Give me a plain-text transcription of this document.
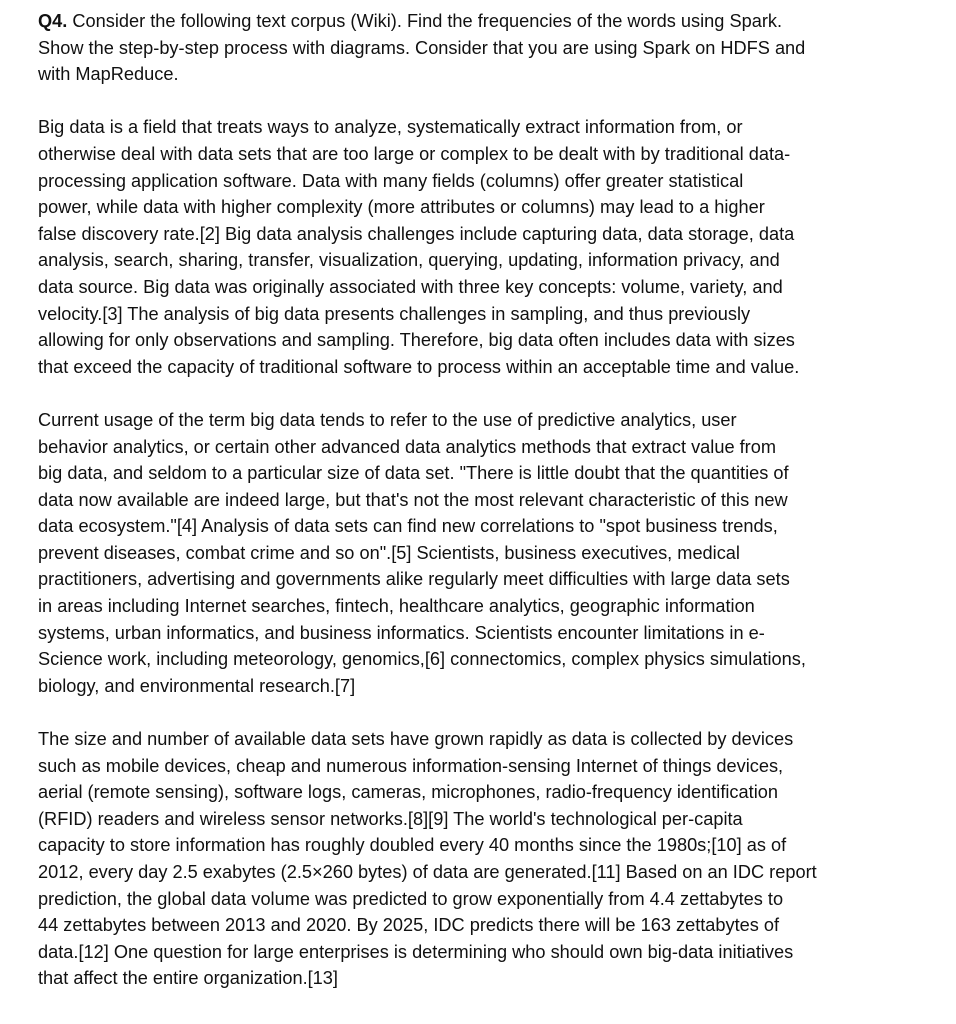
Q4. Consider the following text corpus (Wiki). Find the frequencies of the words using Spark.
Show the step-by-step process with diagrams. Consider that you are using Spark on HDFS and
with MapReduce.
Big data is a field that treats ways to analyze, systematically extract information from, or
otherwise deal with data sets that are too large or complex to be dealt with by traditional data-
processing application software. Data with many fields (columns) offer greater statistical
power, while data with higher complexity (more attributes or columns) may lead to a higher
false discovery rate.[2] Big data analysis challenges include capturing data, data storage, data
analysis, search, sharing, transfer, visualization, querying, updating, information privacy, and
data source. Big data was originally associated with three key concepts: volume, variety, and
velocity.[3] The analysis of big data presents challenges in sampling, and thus previously
allowing for only observations and sampling. Therefore, big data often includes data with sizes
that exceed the capacity of traditional software to process within an acceptable time and value.
Current usage of the term big data tends to refer to the use of predictive analytics, user
behavior analytics, or certain other advanced data analytics methods that extract value from
big data, and seldom to a particular size of data set. "There is little doubt that the quantities of
data now available are indeed large, but that's not the most relevant characteristic of this new
data ecosystem."[4] Analysis of data sets can find new correlations to "spot business trends,
prevent diseases, combat crime and so on".[5] Scientists, business executives, medical
practitioners, advertising and governments alike regularly meet difficulties with large data sets
in areas including Internet searches, fintech, healthcare analytics, geographic information
systems, urban informatics, and business informatics. Scientists encounter limitations in e-
Science work, including meteorology, genomics,[6] connectomics, complex physics simulations,
biology, and environmental research.[7]
The size and number of available data sets have grown rapidly as data is collected by devices
such as mobile devices, cheap and numerous information-sensing Internet of things devices,
aerial (remote sensing), software logs, cameras, microphones, radio-frequency identification
(RFID) readers and wireless sensor networks.[8][9] The world's technological per-capita
capacity to store information has roughly doubled every 40 months since the 1980s;[10] as of
2012, every day 2.5 exabytes (2.5×260 bytes) of data are generated.[11] Based on an IDC report
prediction, the global data volume was predicted to grow exponentially from 4.4 zettabytes to
44 zettabytes between 2013 and 2020. By 2025, IDC predicts there will be 163 zettabytes of
data.[12] One question for large enterprises is determining who should own big-data initiatives
that affect the entire organization.[13]
